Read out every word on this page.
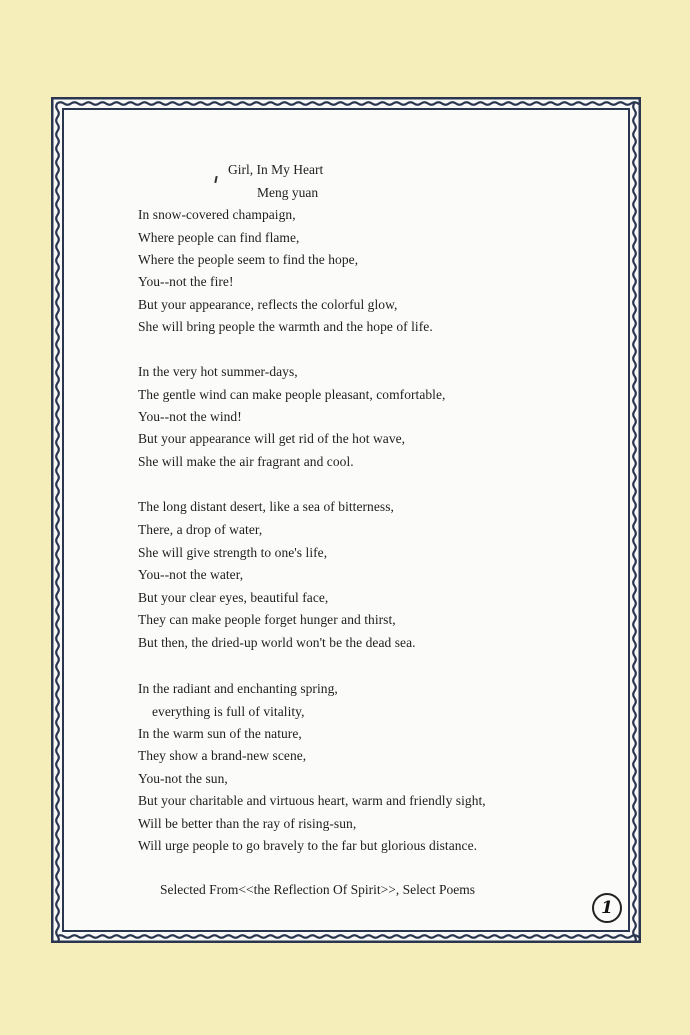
Girl, In My Heart
Meng yuan
In snow-covered champaign,
Where people can find flame,
Where the people seem to find the hope,
You--not the fire!
But your appearance, reflects the colorful glow,
She will bring people the warmth and the hope of life.
In the very hot summer-days,
The gentle wind can make people pleasant, comfortable,
You--not the wind!
But your appearance will get rid of the hot wave,
She will make the air fragrant and cool.
The long distant desert, like a sea of bitterness,
There, a drop of water,
She will give strength to one's life,
You--not the water,
But your clear eyes, beautiful face,
They can make people forget hunger and thirst,
But then, the dried-up world won't be the dead sea.
In the radiant and enchanting spring,
everything is full of vitality,
In the warm sun of the nature,
They show a brand-new scene,
You-not the sun,
But your charitable and virtuous heart, warm and friendly sight,
Will be better than the ray of rising-sun,
Will urge people to go bravely to the far but glorious distance.
Selected From<<the Reflection Of Spirit>>, Select Poems
1
